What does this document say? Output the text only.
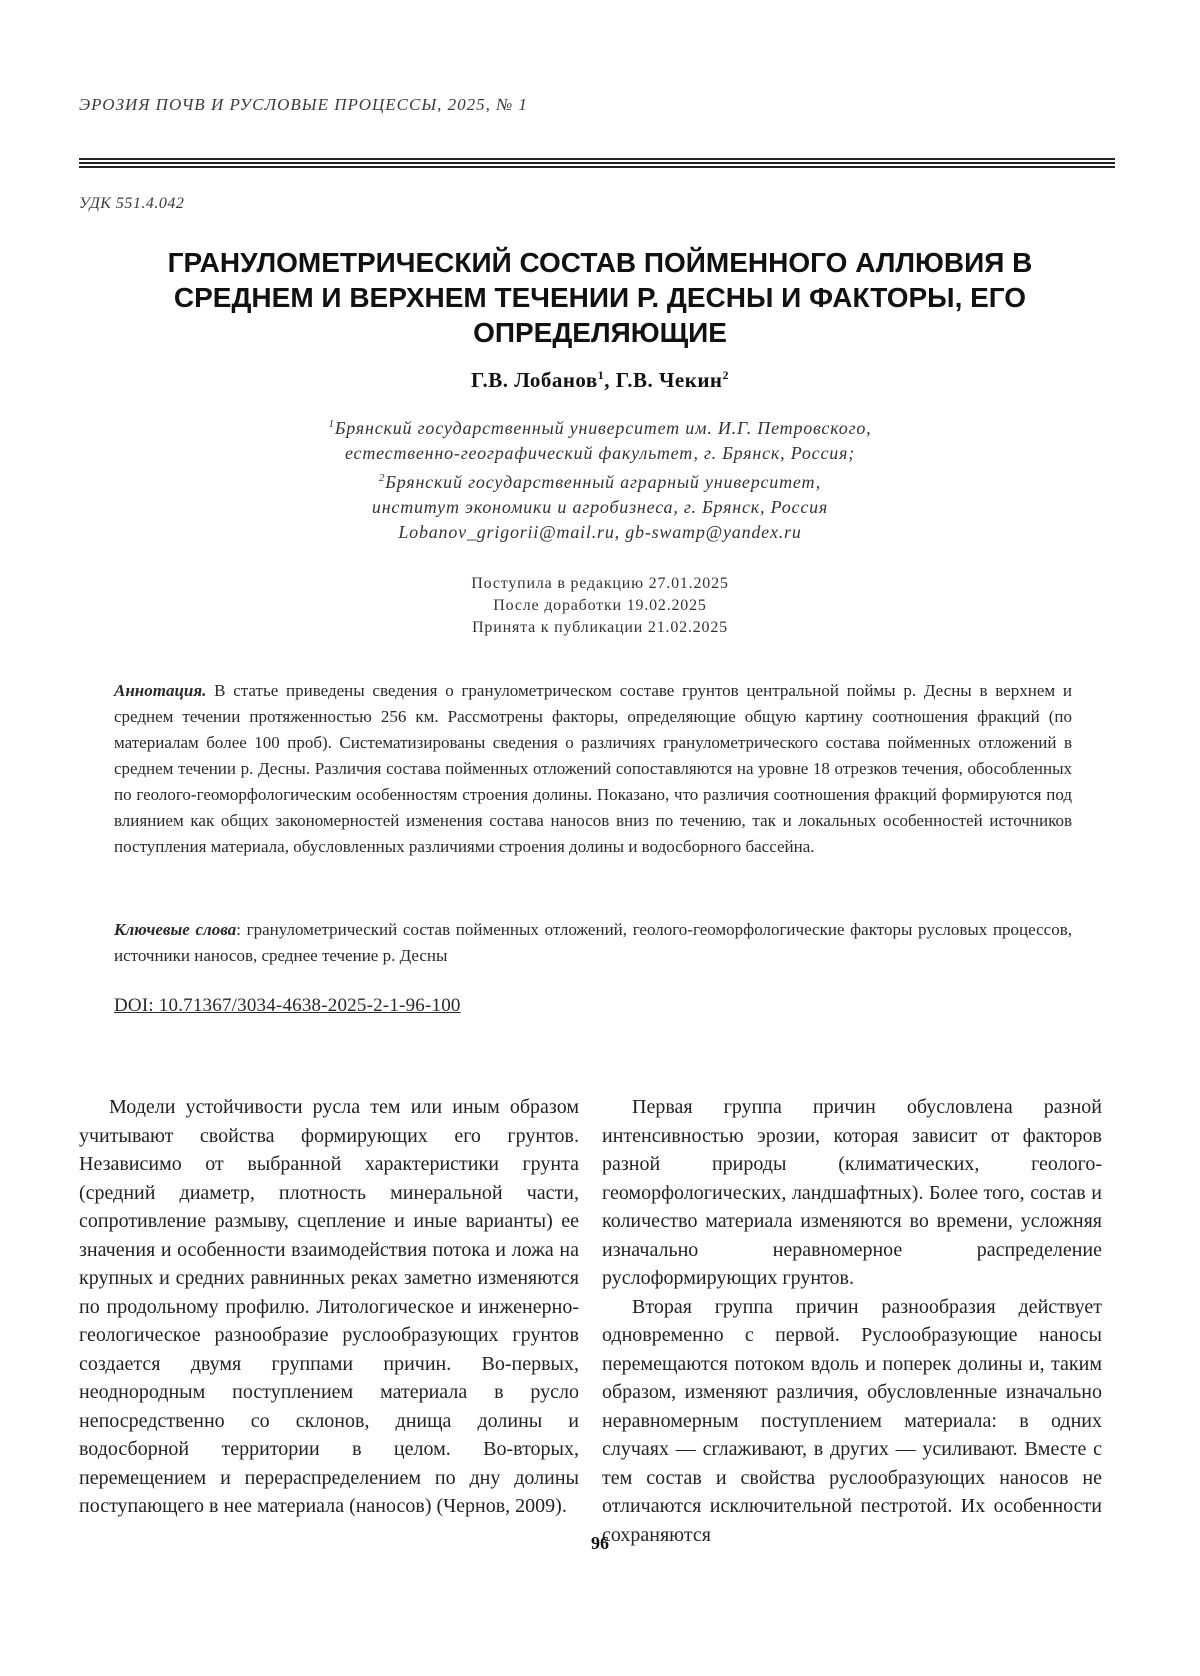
ЭРОЗИЯ ПОЧВ И РУСЛОВЫЕ ПРОЦЕССЫ, 2025, № 1
УДК 551.4.042
ГРАНУЛОМЕТРИЧЕСКИЙ СОСТАВ ПОЙМЕННОГО АЛЛЮВИЯ В
СРЕДНЕМ И ВЕРХНЕМ ТЕЧЕНИИ Р. ДЕСНЫ И ФАКТОРЫ, ЕГО
ОПРЕДЕЛЯЮЩИЕ
Г.В. Лобанов$^1$, Г.В. Чекин$^2$
$^1$Брянский государственный университет им. И.Г. Петровского,
естественно-географический факультет, г. Брянск, Россия;
$^2$Брянский государственный аграрный университет,
институт экономики и агробизнеса, г. Брянск, Россия
Lobanov_grigorii@mail.ru, gb-swamp@yandex.ru
Поступила в редакцию 27.01.2025
После доработки 19.02.2025
Принята к публикации 21.02.2025
Аннотация. В статье приведены сведения о гранулометрическом составе грунтов центральной поймы р. Десны в верхнем и среднем течении протяженностью 256 км. Рассмотрены факторы, определяющие общую картину соотношения фракций (по материалам более 100 проб). Систематизированы сведения о различиях гранулометрического состава пойменных отложений в среднем течении р. Десны. Различия состава пойменных отложений сопоставляются на уровне 18 отрезков течения, обособленных по геолого-геоморфологическим особенностям строения долины. Показано, что различия соотношения фракций формируются под влиянием как общих закономерностей изменения состава наносов вниз по течению, так и локальных особенностей источников поступления материала, обусловленных различиями строения долины и водосборного бассейна.
Ключевые слова: гранулометрический состав пойменных отложений, геолого-геоморфологические факторы русловых процессов, источники наносов, среднее течение р. Десны
DOI: 10.71367/3034-4638-2025-2-1-96-100

Модели устойчивости русла тем или иным образом учитывают свойства формирующих его грунтов. Независимо от выбранной характеристики грунта (средний диаметр, плотность минеральной части, сопротивление размыву, сцепление и иные варианты) ее значения и особенности взаимодействия потока и ложа на крупных и средних равнинных реках заметно изменяются по продольному профилю. Литологическое и инженерно-геологическое разнообразие руслообразующих грунтов создается двумя группами причин. Во-первых, неоднородным поступлением материала в русло непосредственно со склонов, днища долины и водосборной территории в целом. Во-вторых, перемещением и перераспределением по дну долины поступающего в нее материала (наносов) (Чернов, 2009).

Первая группа причин обусловлена разной интенсивностью эрозии, которая зависит от факторов разной природы (климатических, геолого-геоморфологических, ландшафтных). Более того, состав и количество материала изменяются во времени, усложняя изначально неравномерное распределение руслоформирующих грунтов.

Вторая группа причин разнообразия действует одновременно с первой. Руслообразующие наносы перемещаются потоком вдоль и поперек долины и, таким образом, изменяют различия, обусловленные изначально неравномерным поступлением материала: в одних случаях — сглаживают, в других — усиливают. Вместе с тем состав и свойства руслообразующих наносов не отличаются исключительной пестротой. Их особенности сохраняются

96
